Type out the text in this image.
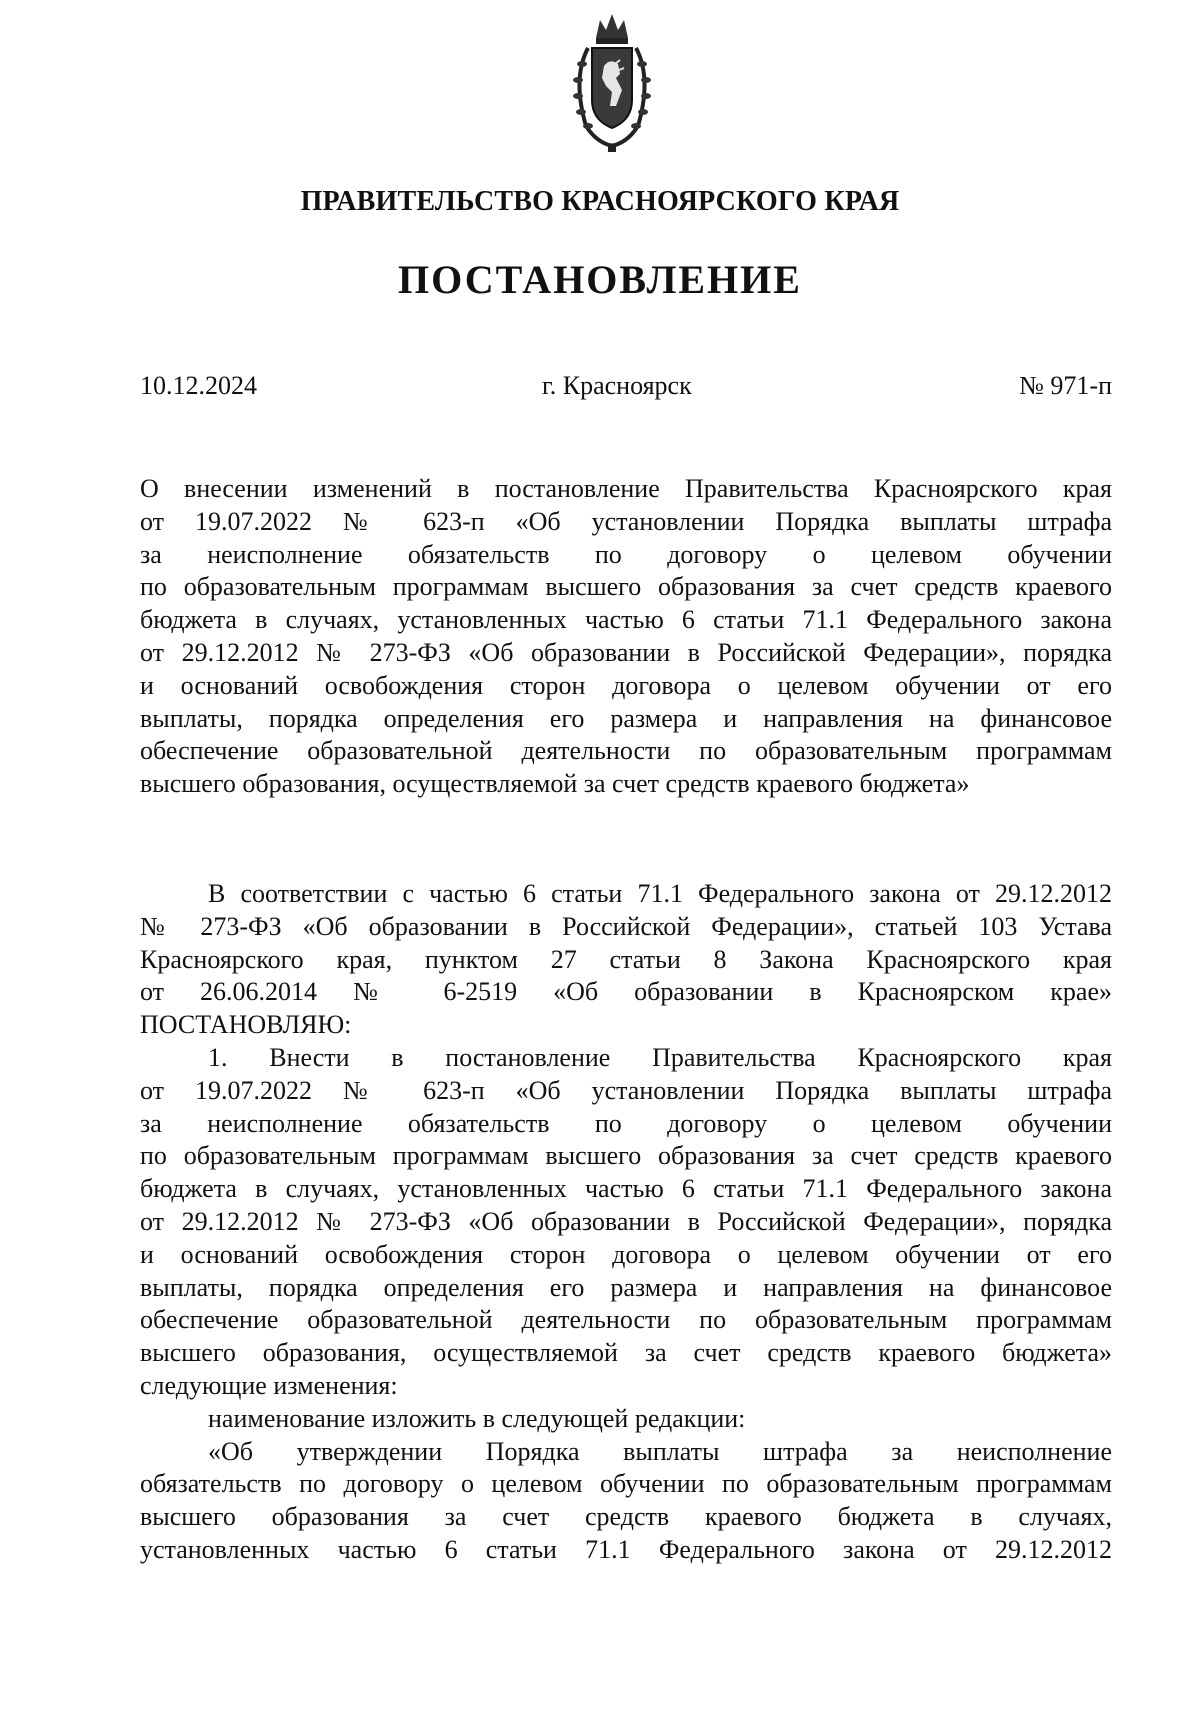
ПРАВИТЕЛЬСТВО КРАСНОЯРСКОГО КРАЯ
ПОСТАНОВЛЕНИЕ
10.12.2024	г. Красноярск	№ 971-п
О внесении изменений в постановление Правительства Красноярского края
от 19.07.2022 № 623-п «Об установлении Порядка выплаты штрафа
за неисполнение обязательств по договору о целевом обучении
по образовательным программам высшего образования за счет средств краевого
бюджета в случаях, установленных частью 6 статьи 71.1 Федерального закона
от 29.12.2012 № 273-ФЗ «Об образовании в Российской Федерации», порядка
и оснований освобождения сторон договора о целевом обучении от его
выплаты, порядка определения его размера и направления на финансовое
обеспечение образовательной деятельности по образовательным программам
высшего образования, осуществляемой за счет средств краевого бюджета»
В соответствии с частью 6 статьи 71.1 Федерального закона от 29.12.2012
№ 273-ФЗ «Об образовании в Российской Федерации», статьей 103 Устава
Красноярского края, пунктом 27 статьи 8 Закона Красноярского края
от 26.06.2014 № 6-2519 «Об образовании в Красноярском крае»
ПОСТАНОВЛЯЮ:
1. Внести в постановление Правительства Красноярского края
от 19.07.2022 № 623-п «Об установлении Порядка выплаты штрафа
за неисполнение обязательств по договору о целевом обучении
по образовательным программам высшего образования за счет средств краевого
бюджета в случаях, установленных частью 6 статьи 71.1 Федерального закона
от 29.12.2012 № 273-ФЗ «Об образовании в Российской Федерации», порядка
и оснований освобождения сторон договора о целевом обучении от его
выплаты, порядка определения его размера и направления на финансовое
обеспечение образовательной деятельности по образовательным программам
высшего образования, осуществляемой за счет средств краевого бюджета»
следующие изменения:
наименование изложить в следующей редакции:
«Об утверждении Порядка выплаты штрафа за неисполнение
обязательств по договору о целевом обучении по образовательным программам
высшего образования за счет средств краевого бюджета в случаях,
установленных частью 6 статьи 71.1 Федерального закона от 29.12.2012
